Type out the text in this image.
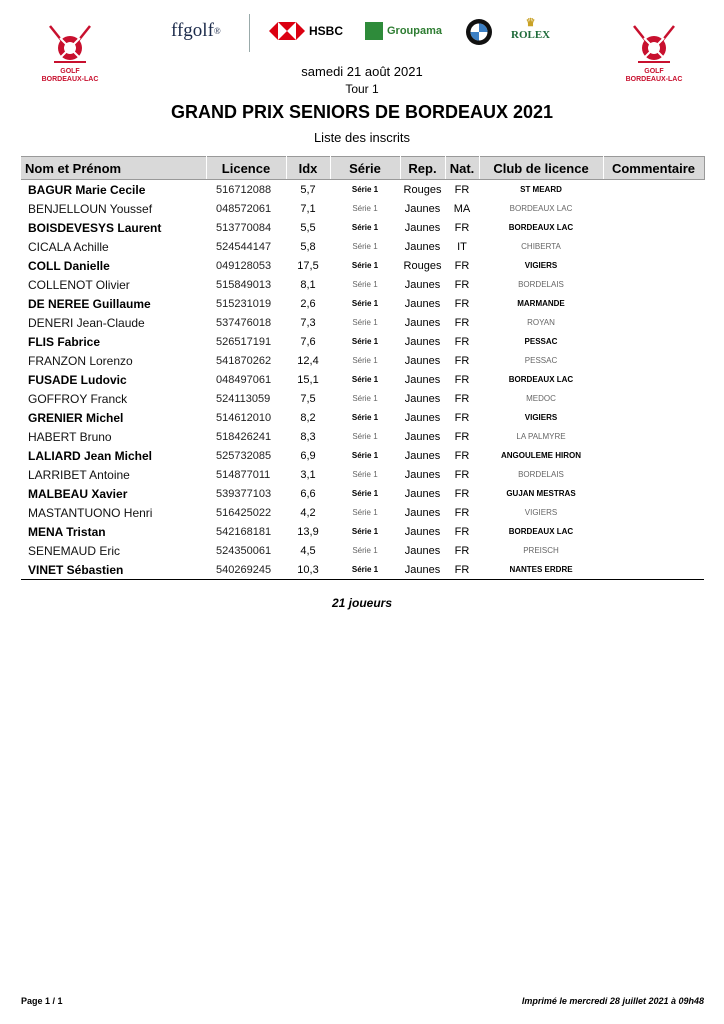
GOLF
BORDEAUX-LAC
ffgolf ®	HSBC	Groupama
♛
ROLEX
GOLF
BORDEAUX-LAC
samedi 21 août 2021
Tour 1
GRAND PRIX SENIORS DE BORDEAUX 2021
Liste des inscrits
Nom et Prénom	Licence	Idx	Série	Rep.	Nat.	Club de licence	Commentaire
BAGUR Marie Cecile	516712088	5,7	Série 1	Rouges	FR	ST MEARD	
BENJELLOUN Youssef	048572061	7,1	Série 1	Jaunes	MA	BORDEAUX LAC	
BOISDEVESYS Laurent	513770084	5,5	Série 1	Jaunes	FR	BORDEAUX LAC	
CICALA Achille	524544147	5,8	Série 1	Jaunes	IT	CHIBERTA	
COLL Danielle	049128053	17,5	Série 1	Rouges	FR	VIGIERS	
COLLENOT Olivier	515849013	8,1	Série 1	Jaunes	FR	BORDELAIS	
DE NEREE Guillaume	515231019	2,6	Série 1	Jaunes	FR	MARMANDE	
DENERI Jean-Claude	537476018	7,3	Série 1	Jaunes	FR	ROYAN	
FLIS Fabrice	526517191	7,6	Série 1	Jaunes	FR	PESSAC	
FRANZON Lorenzo	541870262	12,4	Série 1	Jaunes	FR	PESSAC	
FUSADE Ludovic	048497061	15,1	Série 1	Jaunes	FR	BORDEAUX LAC	
GOFFROY Franck	524113059	7,5	Série 1	Jaunes	FR	MEDOC	
GRENIER Michel	514612010	8,2	Série 1	Jaunes	FR	VIGIERS	
HABERT Bruno	518426241	8,3	Série 1	Jaunes	FR	LA PALMYRE	
LALIARD Jean Michel	525732085	6,9	Série 1	Jaunes	FR	ANGOULEME HIRON	
LARRIBET Antoine	514877011	3,1	Série 1	Jaunes	FR	BORDELAIS	
MALBEAU Xavier	539377103	6,6	Série 1	Jaunes	FR	GUJAN MESTRAS	
MASTANTUONO Henri	516425022	4,2	Série 1	Jaunes	FR	VIGIERS	
MENA Tristan	542168181	13,9	Série 1	Jaunes	FR	BORDEAUX LAC	
SENEMAUD Eric	524350061	4,5	Série 1	Jaunes	FR	PREISCH	
VINET Sébastien	540269245	10,3	Série 1	Jaunes	FR	NANTES ERDRE	
21 joueurs
Page 1 / 1	Imprimé le mercredi 28 juillet 2021 à 09h48
